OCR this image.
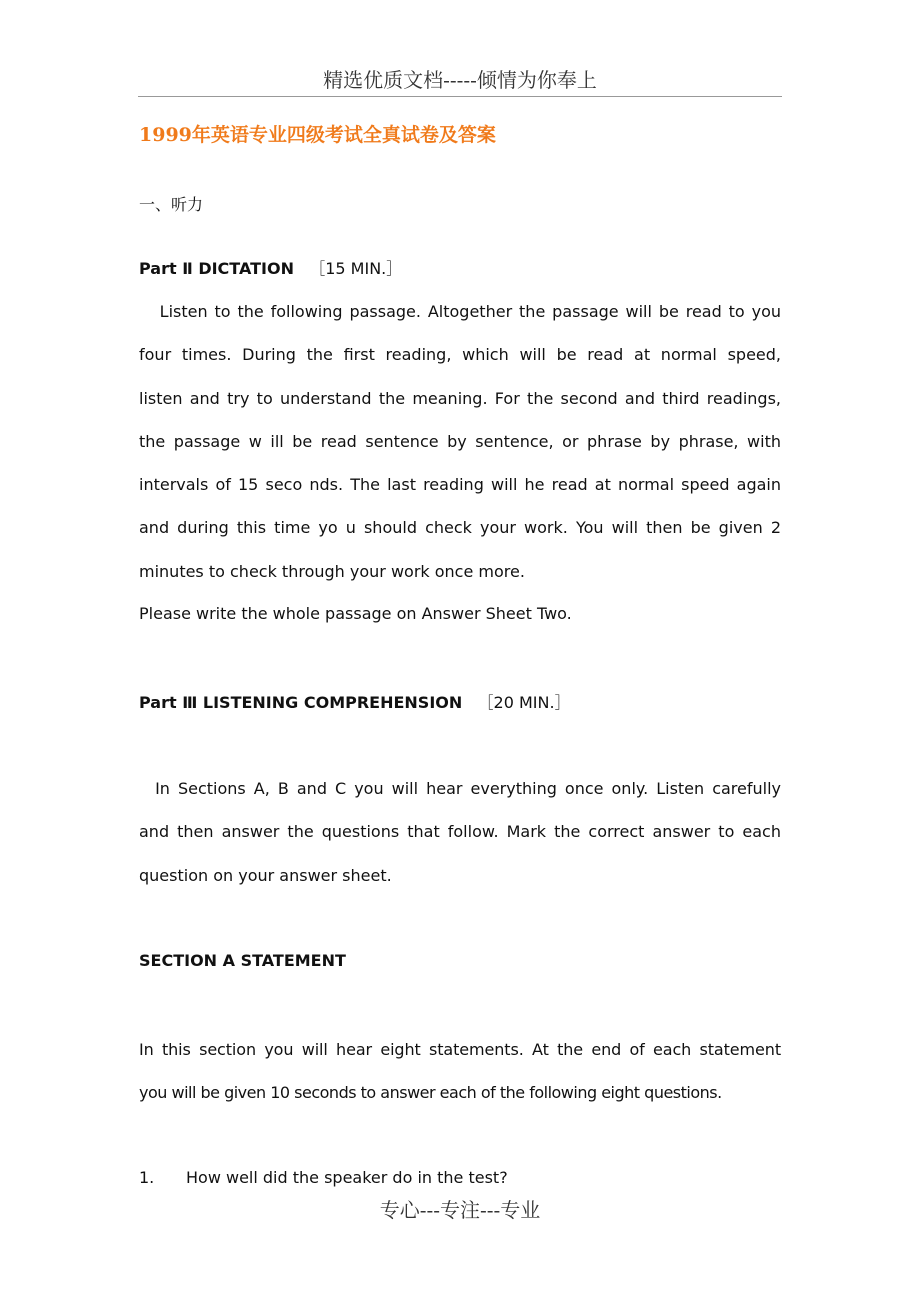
精选优质文档-----倾情为你奉上
1999年英语专业四级考试全真试卷及答案
一、听力
Part Ⅱ DICTATION ［15 MIN.］
Listen to the following passage. Altogether the passage will be read to you
four times. During the first reading, which will be read at normal speed,
listen and try to understand the meaning. For the second and third readings,
the passage w ill be read sentence by sentence, or phrase by phrase, with
intervals of 15 seco nds. The last reading will he read at normal speed again
and during this time yo u should check your work. You will then be given 2
minutes to check through your work once more.
Please write the whole passage on Answer Sheet Two.
Part Ⅲ LISTENING COMPREHENSION ［20 MIN.］
In Sections A, B and C you will hear everything once only. Listen carefully
and then answer the questions that follow. Mark the correct answer to each
question on your answer sheet.
SECTION A STATEMENT
In this section you will hear eight statements. At the end of each statement
you will be given 10 seconds to answer each of the following eight questions.
1. How well did the speaker do in the test?
专心---专注---专业
